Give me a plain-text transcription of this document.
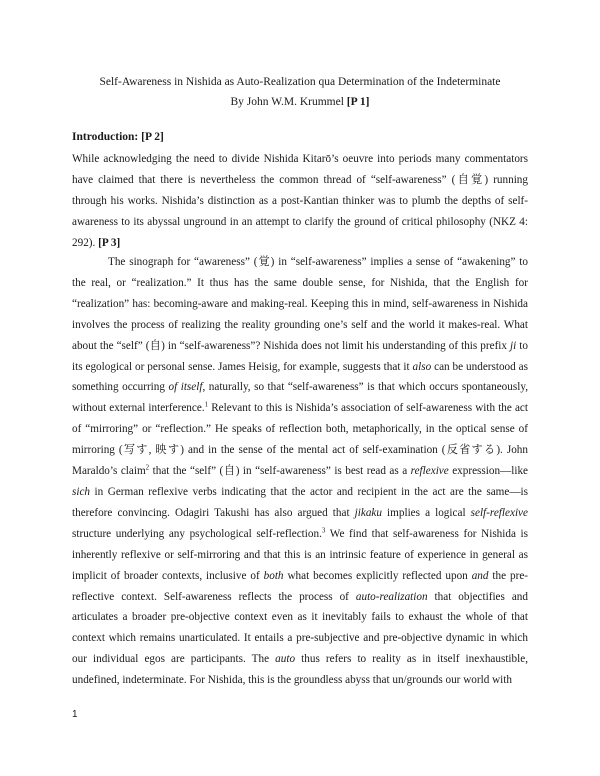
Self-Awareness in Nishida as Auto-Realization qua Determination of the Indeterminate
By John W.M. Krummel [P 1]
Introduction: [P 2]

While acknowledging the need to divide Nishida Kitarō’s oeuvre into periods many commentators have claimed that there is nevertheless the common thread of “self-awareness” (自覚) running through his works. Nishida’s distinction as a post-Kantian thinker was to plumb the depths of self-awareness to its abyssal unground in an attempt to clarify the ground of critical philosophy (NKZ 4: 292). [P 3]

The sinograph for “awareness” (覚) in “self-awareness” implies a sense of “awakening” to the real, or “realization.” It thus has the same double sense, for Nishida, that the English for “realization” has: becoming-aware and making-real. Keeping this in mind, self-awareness in Nishida involves the process of realizing the reality grounding one’s self and the world it makes-real. What about the “self” (自) in “self-awareness”? Nishida does not limit his understanding of this prefix ji to its egological or personal sense. James Heisig, for example, suggests that it also can be understood as something occurring of itself, naturally, so that “self-awareness” is that which occurs spontaneously, without external interference.$^1$ Relevant to this is Nishida’s association of self-awareness with the act of “mirroring” or “reflection.” He speaks of reflection both, metaphorically, in the optical sense of mirroring (写す, 映す) and in the sense of the mental act of self-examination (反省する). John Maraldo’s claim$^2$ that the “self” (自) in “self-awareness” is best read as a reflexive expression—like sich in German reflexive verbs indicating that the actor and recipient in the act are the same—is therefore convincing. Odagiri Takushi has also argued that jikaku implies a logical self-reflexive structure underlying any psychological self-reflection.$^3$ We find that self-awareness for Nishida is inherently reflexive or self-mirroring and that this is an intrinsic feature of experience in general as implicit of broader contexts, inclusive of both what becomes explicitly reflected upon and the pre-reflective context. Self-awareness reflects the process of auto-realization that objectifies and articulates a broader pre-objective context even as it inevitably fails to exhaust the whole of that context which remains unarticulated. It entails a pre-subjective and pre-objective dynamic in which our individual egos are participants. The auto thus refers to reality as in itself inexhaustible, undefined, indeterminate. For Nishida, this is the groundless abyss that un/grounds our world with

1
